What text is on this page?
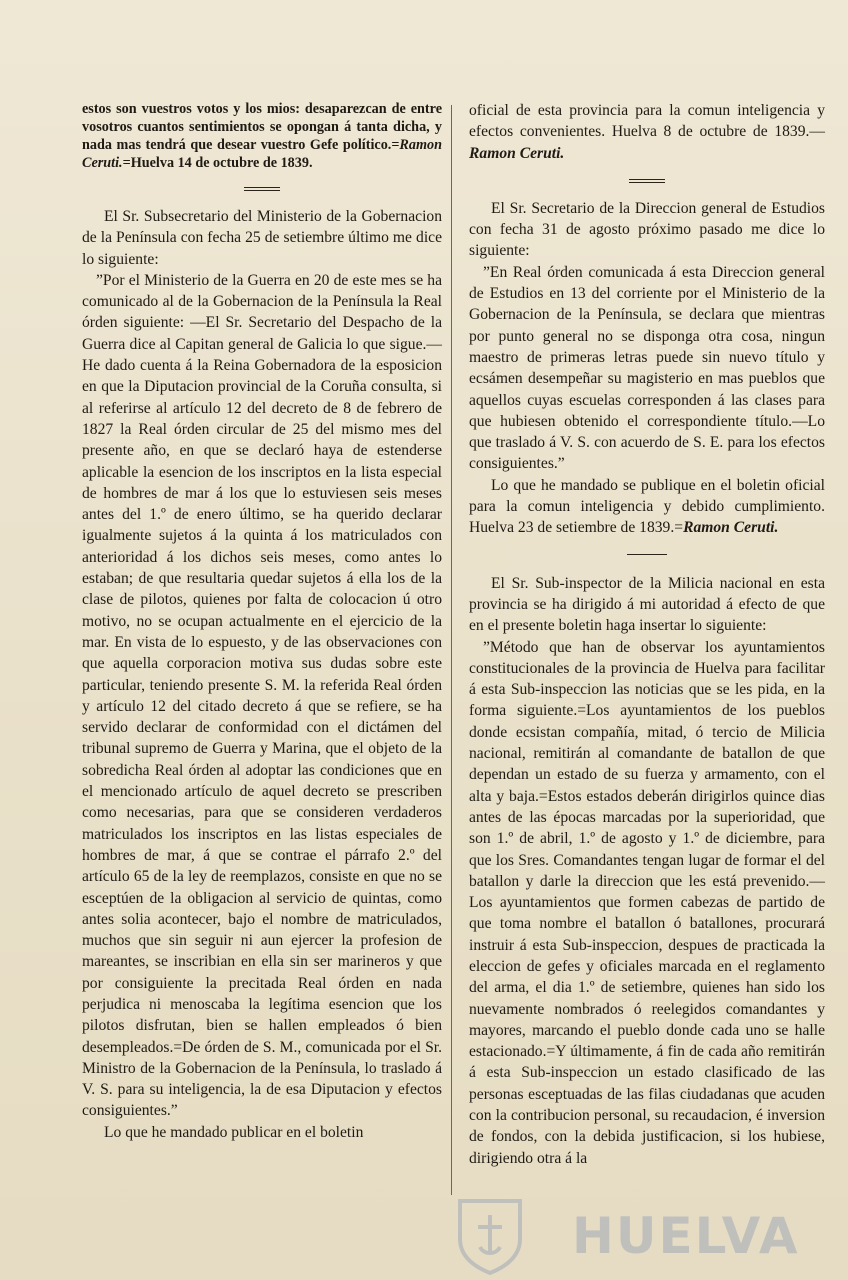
estos son vuestros votos y los mios: desaparezcan de entre vosotros cuantos sentimientos se opongan á tanta dicha, y nada mas tendrá que desear vuestro Gefe político.=Ramon Ceruti.=Huelva 14 de octubre de 1839.

El Sr. Subsecretario del Ministerio de la Gobernacion de la Península con fecha 25 de setiembre último me dice lo siguiente:

”Por el Ministerio de la Guerra en 20 de este mes se ha comunicado al de la Gobernacion de la Península la Real órden siguiente: —El Sr. Secretario del Despacho de la Guerra dice al Capitan general de Galicia lo que sigue.—He dado cuenta á la Reina Gobernadora de la esposicion en que la Diputacion provincial de la Coruña consulta, si al referirse al artículo 12 del decreto de 8 de febrero de 1827 la Real órden circular de 25 del mismo mes del presente año, en que se declaró haya de estenderse aplicable la esencion de los inscriptos en la lista especial de hombres de mar á los que lo estuviesen seis meses antes del 1.º de enero último, se ha querido declarar igualmente sujetos á la quinta á los matriculados con anterioridad á los dichos seis meses, como antes lo estaban; de que resultaria quedar sujetos á ella los de la clase de pilotos, quienes por falta de colocacion ú otro motivo, no se ocupan actualmente en el ejercicio de la mar. En vista de lo espuesto, y de las observaciones con que aquella corporacion motiva sus dudas sobre este particular, teniendo presente S. M. la referida Real órden y artículo 12 del citado decreto á que se refiere, se ha servido declarar de conformidad con el dictámen del tribunal supremo de Guerra y Marina, que el objeto de la sobredicha Real órden al adoptar las condiciones que en el mencionado artículo de aquel decreto se prescriben como necesarias, para que se consideren verdaderos matriculados los inscriptos en las listas especiales de hombres de mar, á que se contrae el párrafo 2.º del artículo 65 de la ley de reemplazos, consiste en que no se esceptúen de la obligacion al servicio de quintas, como antes solia acontecer, bajo el nombre de matriculados, muchos que sin seguir ni aun ejercer la profesion de mareantes, se inscribian en ella sin ser marineros y que por consiguiente la precitada Real órden en nada perjudica ni menoscaba la legítima esencion que los pilotos disfrutan, bien se hallen empleados ó bien desempleados.=De órden de S. M., comunicada por el Sr. Ministro de la Gobernacion de la Península, lo traslado á V. S. para su inteligencia, la de esa Diputacion y efectos consiguientes.”

Lo que he mandado publicar en el boletin

oficial de esta provincia para la comun inteligencia y efectos convenientes. Huelva 8 de octubre de 1839.—Ramon Ceruti.

El Sr. Secretario de la Direccion general de Estudios con fecha 31 de agosto próximo pasado me dice lo siguiente:

”En Real órden comunicada á esta Direccion general de Estudios en 13 del corriente por el Ministerio de la Gobernacion de la Península, se declara que mientras por punto general no se disponga otra cosa, ningun maestro de primeras letras puede sin nuevo título y ecsámen desempeñar su magisterio en mas pueblos que aquellos cuyas escuelas corresponden á las clases para que hubiesen obtenido el correspondiente título.—Lo que traslado á V. S. con acuerdo de S. E. para los efectos consiguientes.”

Lo que he mandado se publique en el boletin oficial para la comun inteligencia y debido cumplimiento. Huelva 23 de setiembre de 1839.=Ramon Ceruti.

El Sr. Sub-inspector de la Milicia nacional en esta provincia se ha dirigido á mi autoridad á efecto de que en el presente boletin haga insertar lo siguiente:

”Método que han de observar los ayuntamientos constitucionales de la provincia de Huelva para facilitar á esta Sub-inspeccion las noticias que se les pida, en la forma siguiente.=Los ayuntamientos de los pueblos donde ecsistan compañía, mitad, ó tercio de Milicia nacional, remitirán al comandante de batallon de que dependan un estado de su fuerza y armamento, con el alta y baja.=Estos estados deberán dirigirlos quince dias antes de las épocas marcadas por la superioridad, que son 1.º de abril, 1.º de agosto y 1.º de diciembre, para que los Sres. Comandantes tengan lugar de formar el del batallon y darle la direccion que les está prevenido.—Los ayuntamientos que formen cabezas de partido de que toma nombre el batallon ó batallones, procurará instruir á esta Sub-inspeccion, despues de practicada la eleccion de gefes y oficiales marcada en el reglamento del arma, el dia 1.º de setiembre, quienes han sido los nuevamente nombrados ó reelegidos comandantes y mayores, marcando el pueblo donde cada uno se halle estacionado.=Y últimamente, á fin de cada año remitirán á esta Sub-inspeccion un estado clasificado de las personas esceptuadas de las filas ciudadanas que acuden con la contribucion personal, su recaudacion, é inversion de fondos, con la debida justificacion, si los hubiese, dirigiendo otra á la

HUELVA
